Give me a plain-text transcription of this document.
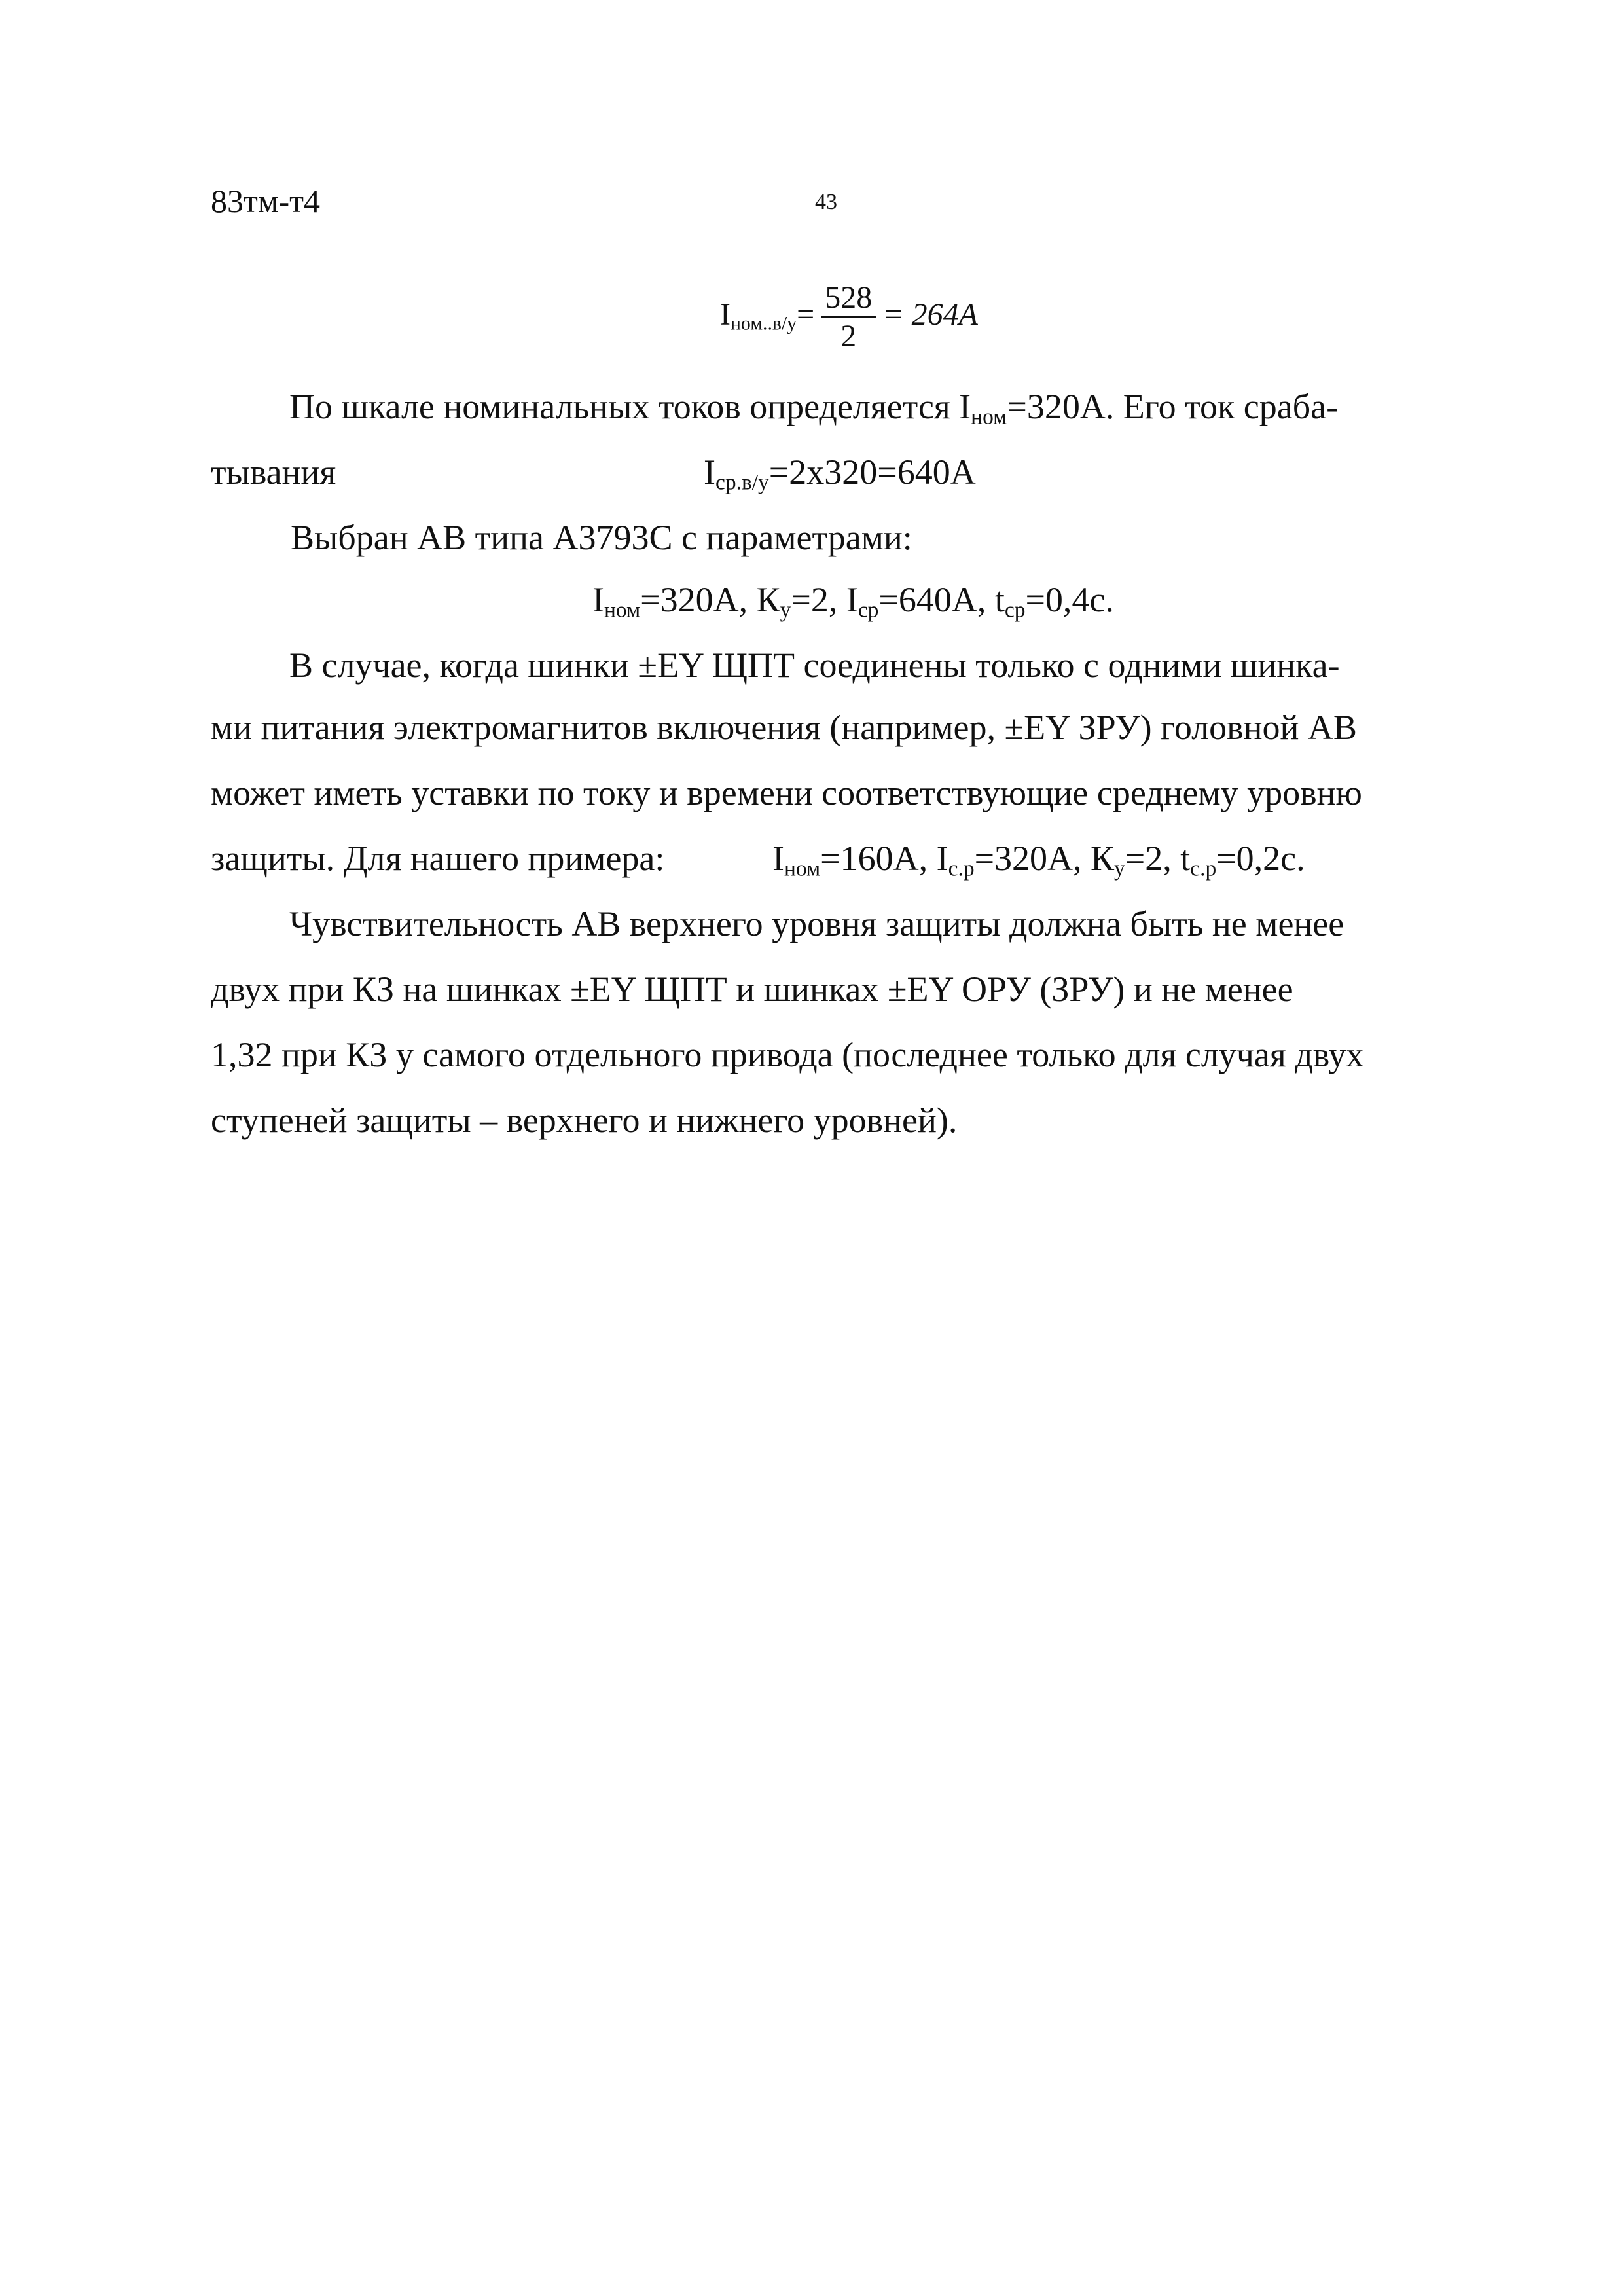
83тм-т4	43
$I_{ном..в/у}= \frac{528}{2} = 264А$
По шкале номинальных токов определяется $I_{ном}=320А$. Его ток сраба-
тывания	$I_{ср.в/у}=2х320=640А$
Выбран АВ типа А3793С с параметрами:
$I_{ном}=320А$, $К_у=2$, $I_{ср}=640А$, $t_{ср}=0,4с$.
В случае, когда шинки ±EY ЩПТ соединены только с одними шинка-
ми питания электромагнитов включения (например, ±EY ЗРУ) головной АВ
может иметь уставки по току и времени соответствующие среднему уровню
защиты. Для нашего примера:	$I_{ном}=160А$, $I_{с.р}=320А$, $К_у=2$, $t_{с.р}=0,2с$.
Чувствительность АВ верхнего уровня защиты должна быть не менее
двух при КЗ на шинках ±EY ЩПТ и шинках ±EY ОРУ (ЗРУ) и не менее
1,32 при КЗ у самого отдельного привода (последнее только для случая двух
ступеней защиты – верхнего и нижнего уровней).
